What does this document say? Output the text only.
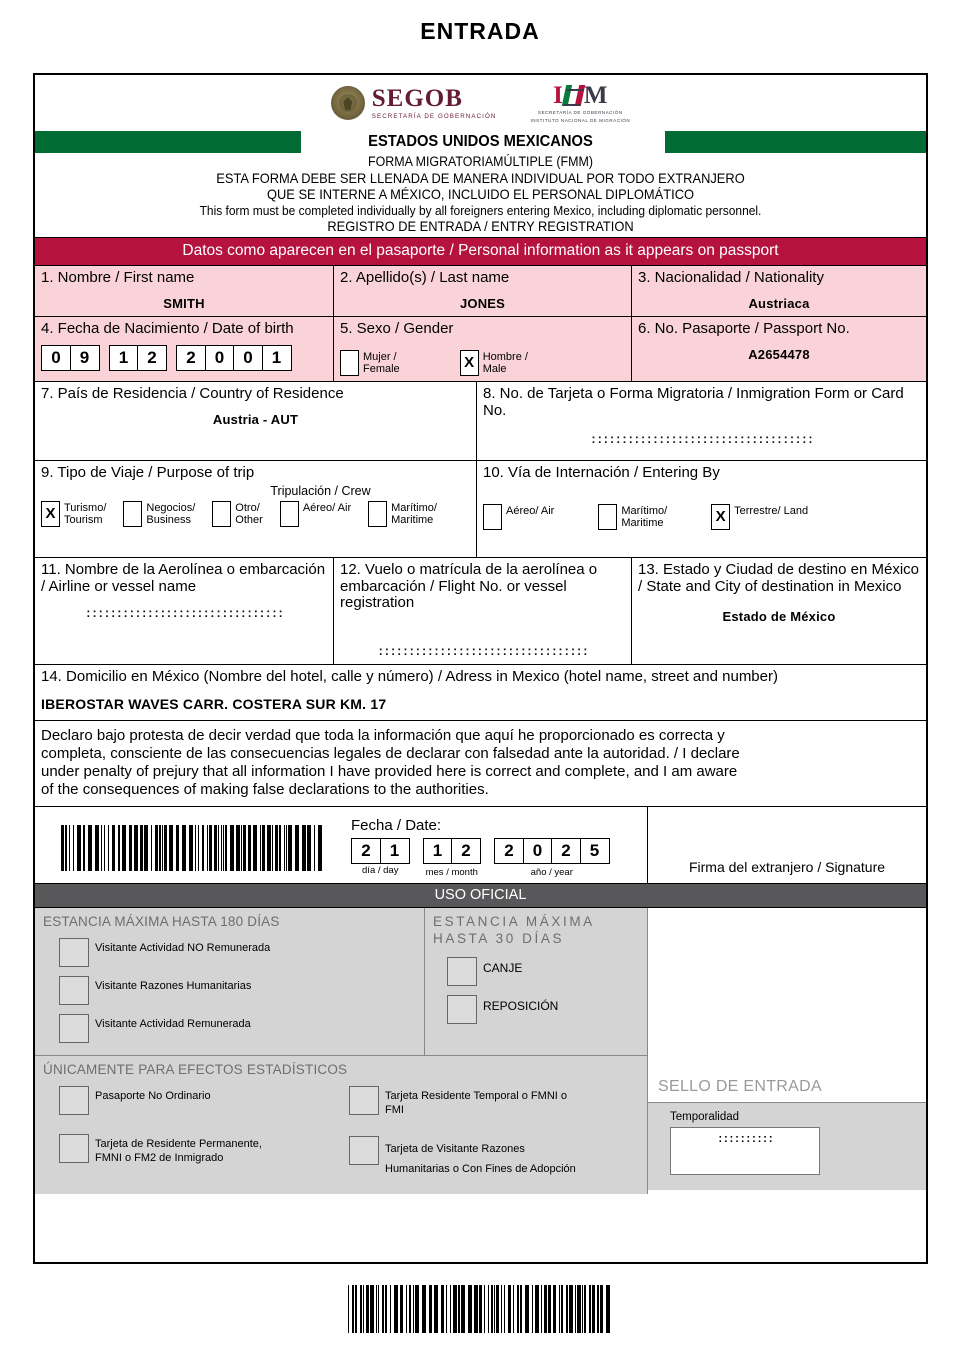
ENTRADA
SEGOB
SECRETARÍA DE GOBERNACIÓN
I M
SECRETARÍA DE GOBERNACIÓN
INSTITUTO NACIONAL DE MIGRACIÓN
ESTADOS UNIDOS MEXICANOS
FORMA MIGRATORIAMÚLTIPLE (FMM)
ESTA FORMA DEBE SER LLENADA DE MANERA INDIVIDUAL POR TODO EXTRANJERO
QUE SE INTERNE A MÉXICO, INCLUIDO EL PERSONAL DIPLOMÁTICO
This form must be completed individually by all foreigners entering Mexico, including diplomatic personnel.
REGISTRO DE ENTRADA / ENTRY REGISTRATION
Datos como aparecen en el pasaporte / Personal information as it appears on passport
1. Nombre / First name
SMITH
2. Apellido(s) / Last name
JONES
3. Nacionalidad / Nationality
Austriaca
4. Fecha de Nacimiento / Date of birth
0	9	1	2	2	0	0	1
5. Sexo / Gender
Mujer /
Female	X Hombre /
Male
6. No. Pasaporte / Passport No.
A2654478
7. País de Residencia / Country of Residence
Austria - AUT
8. No. de Tarjeta o Forma Migratoria / Inmigration Form or Card No.
::::::::::::::::::::::::::::::::::::
9. Tipo de Viaje / Purpose of trip
Tripulación / Crew
X Turismo/
Tourism
Negocios/
Business
Otro/
Other
Aéreo/ Air	Marítimo/
Maritime
10. Vía de Internación / Entering By
Aéreo/ Air	Marítimo/
Maritime	X Terrestre/ Land
11. Nombre de la Aerolínea o embarcación / Airline or vessel name
::::::::::::::::::::::::::::::::
12. Vuelo o matrícula de la aerolínea o embarcación / Flight No. or vessel registration
::::::::::::::::::::::::::::::::::
13. Estado y Ciudad de destino en México / State and City of destination in Mexico
Estado de México
14. Domicilio en México (Nombre del hotel, calle y número) / Adress in Mexico (hotel name, street and number)
IBEROSTAR WAVES CARR. COSTERA SUR KM. 17
Declaro bajo protesta de decir verdad que toda la información que aquí he proporcionado es correcta y
completa, consciente de las consecuencias legales de declarar con falsedad ante la autoridad. / I declare
under penalty of prejury that all information I have provided here is correct and complete, and I am aware
of the consequences of making false declarations to the authorities.
Fecha / Date:
2	1
día / day
1	2
mes / month
2	0	2	5
año / year	Firma del extranjero / Signature
USO OFICIAL
ESTANCIA MÁXIMA HASTA 180 DÍAS
Visitante Actividad NO Remunerada
Visitante Razones Humanitarias
Visitante Actividad Remunerada
ESTANCIA MÁXIMA
HASTA 30 DÍAS
CANJE
REPOSICIÓN
ÚNICAMENTE PARA EFECTOS ESTADÍSTICOS
Pasaporte No Ordinario
Tarjeta de Residente Permanente,
FMNI o FM2 de Inmigrado
Tarjeta Residente Temporal o FMNI o
FMI
Tarjeta de Visitante Razones
Humanitarias o Con Fines de Adopción
SELLO DE ENTRADA
Temporalidad
::::::::::
